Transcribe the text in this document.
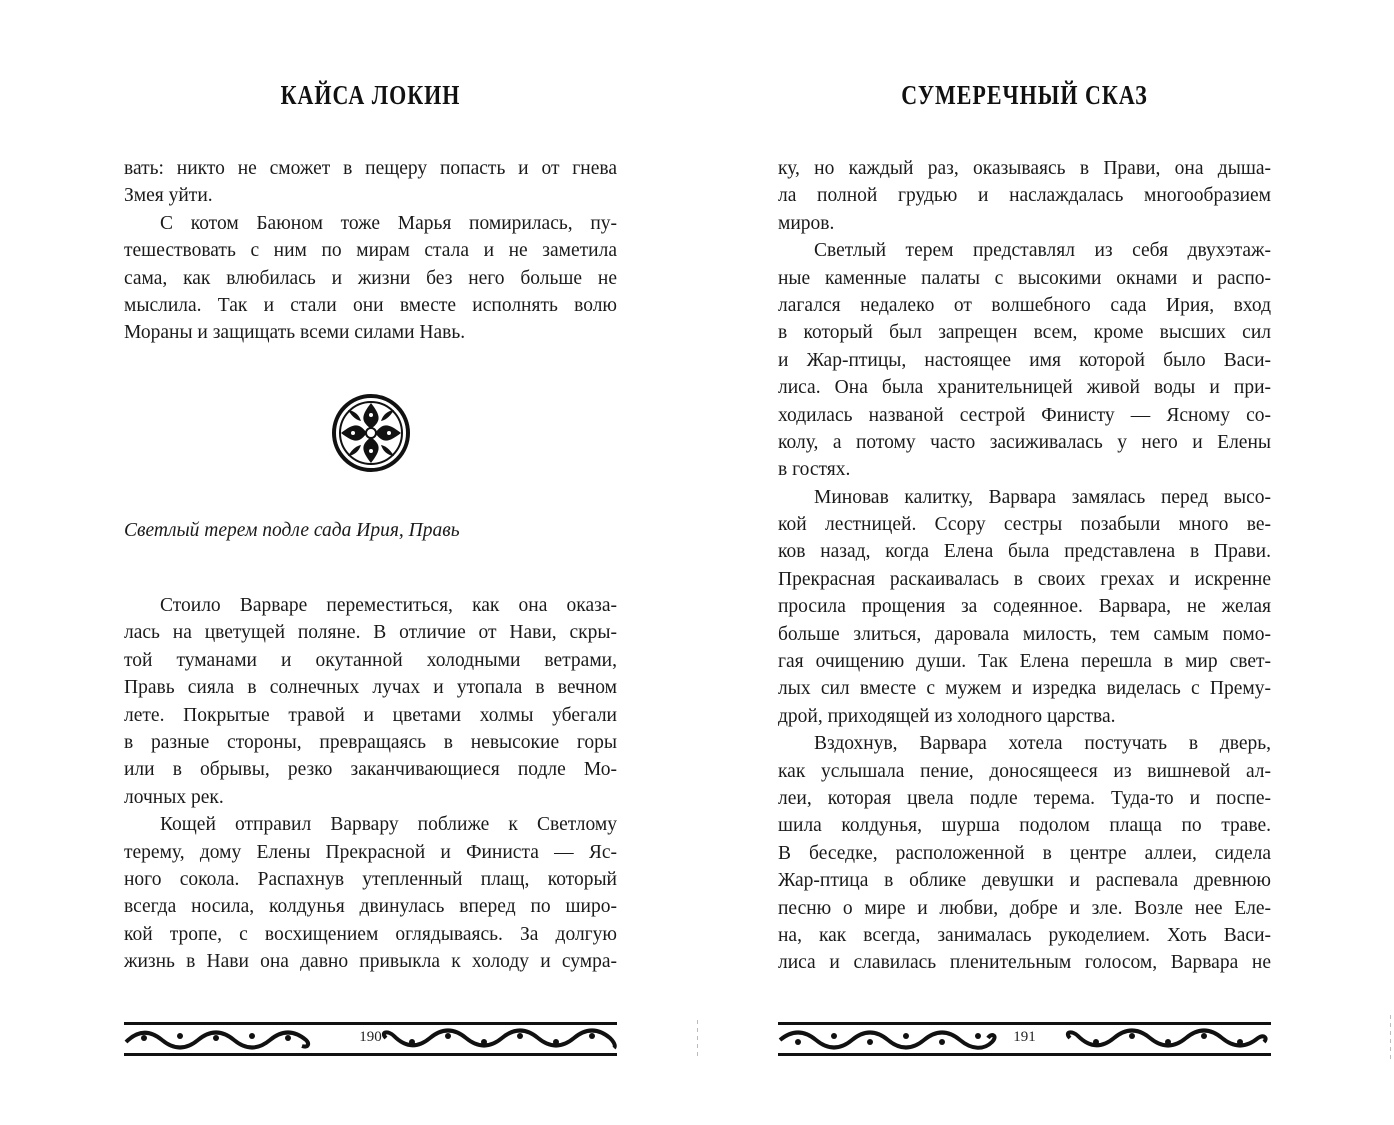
КАЙСА ЛОКИН
вать: никто не сможет в пещеру попасть и от гнева
Змея уйти.
С котом Баюном тоже Марья помирилась, пу-
тешествовать с ним по мирам стала и не заметила
сама, как влюбилась и жизни без него больше не
мыслила. Так и стали они вместе исполнять волю
Мораны и защищать всеми силами Навь.
Светлый терем подле сада Ирия, Правь
Стоило Варваре переместиться, как она оказа-
лась на цветущей поляне. В отличие от Нави, скры-
той туманами и окутанной холодными ветрами,
Правь сияла в солнечных лучах и утопала в вечном
лете. Покрытые травой и цветами холмы убегали
в разные стороны, превращаясь в невысокие горы
или в обрывы, резко заканчивающиеся подле Мо-
лочных рек.
Кощей отправил Варвару поближе к Светлому
терему, дому Елены Прекрасной и Финиста — Яс-
ного сокола. Распахнув утепленный плащ, который
всегда носила, колдунья двинулась вперед по широ-
кой тропе, с восхищением оглядываясь. За долгую
жизнь в Нави она давно привыкла к холоду и сумра-
190
СУМЕРЕЧНЫЙ СКАЗ
ку, но каждый раз, оказываясь в Прави, она дыша-
ла полной грудью и наслаждалась многообразием
миров.
Светлый терем представлял из себя двухэтаж-
ные каменные палаты с высокими окнами и распо-
лагался недалеко от волшебного сада Ирия, вход
в который был запрещен всем, кроме высших сил
и Жар-птицы, настоящее имя которой было Васи-
лиса. Она была хранительницей живой воды и при-
ходилась названой сестрой Финисту — Ясному со-
колу, а потому часто засиживалась у него и Елены
в гостях.
Миновав калитку, Варвара замялась перед высо-
кой лестницей. Ссору сестры позабыли много ве-
ков назад, когда Елена была представлена в Прави.
Прекрасная раскаивалась в своих грехах и искренне
просила прощения за содеянное. Варвара, не желая
больше злиться, даровала милость, тем самым помо-
гая очищению души. Так Елена перешла в мир свет-
лых сил вместе с мужем и изредка виделась с Прему-
дрой, приходящей из холодного царства.
Вздохнув, Варвара хотела постучать в дверь,
как услышала пение, доносящееся из вишневой ал-
леи, которая цвела подле терема. Туда-то и поспе-
шила колдунья, шурша подолом плаща по траве.
В беседке, расположенной в центре аллеи, сидела
Жар-птица в облике девушки и распевала древнюю
песню о мире и любви, добре и зле. Возле нее Еле-
на, как всегда, занималась рукоделием. Хоть Васи-
лиса и славилась пленительным голосом, Варвара не
191
